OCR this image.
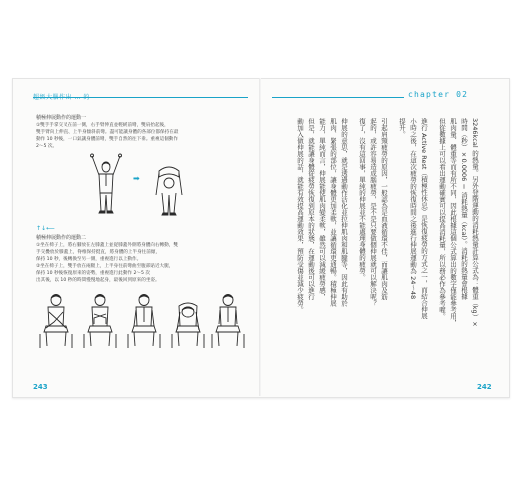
積極伸展動作的運動一
①雙手手掌交叉在前一側，右手臂伸直並輕緩前彎，雙肩抬起後，
雙手臂向上伸直、上半身傾斜前彎。盡可能讓身體的各部位都保持在最
動作 10 秒後，一口氣讓身體前彎，雙手自然的往下垂。重複這個動作
2～5 次。
➡
↑↓⟵
積極伸展動作的運動二
①坐在椅子上，將右腳放在左膝蓋上並從膝蓋外側將身體向右轉動，雙
手交疊放於膝蓋上，脊椎保持挺直，將身體的上半身往前傾，
保持 10 秒，後轉換至另一側，重複進行以上動作。
②坐在椅子上，雙手放在兩腿上，上半身往前彎曲至腹部貼近大腿，
保持 10 秒後恢復原來的姿勢，重複進行此動作 2～5 次
出其後，以 10 秒的時間慢慢地起身，最後回到原來的坐姿。
243
chapter 02
3246kcal 的熱量。另外登階運動的消耗熱量計算公式為：體重（kg）×
時間（秒）×0.0006 ＝ 消耗熱量（kcal）。消耗的熱量會根據
肌肉量、體重等而有所不同，因此根據這個公式算出的數字僅能參考用，
但從數據上可以看出運動確實可以提高消耗量，所以務必作為參考喔。
進行 Active Rest（積極性休息）是恢復疲勞的方式之一，而結合伸展
小時之後，在這次疲勞的恢復時間之後進行伸展運動為 24～48
提升。
引起肩頸疲勞的原因，一般認為是血液循環不佳，而讓肌肉及筋
起的，或許容易造成腦疲勞，是不是只要做個伸展就可以解決呢？
復了，沒有這回事，單純的伸展並不能處理身體的疲勞。
伸展的意思，就是透過動作活化並拉伸肌肉和肌腱等，因此有助於
肌肉、緊張的部位，讓身體更加柔軟，並讓循環更通暢。積極伸展
能力，單純而言，伸展能使肌肉變柔軟，雖然可以減緩疲勞感，
但是，就能讓身體從疲勞恢復到原本的狀態，在運動後可以進行
動加入做伸展的話，就能有效提高運動效果，預防受傷並減少疲勞。
242
